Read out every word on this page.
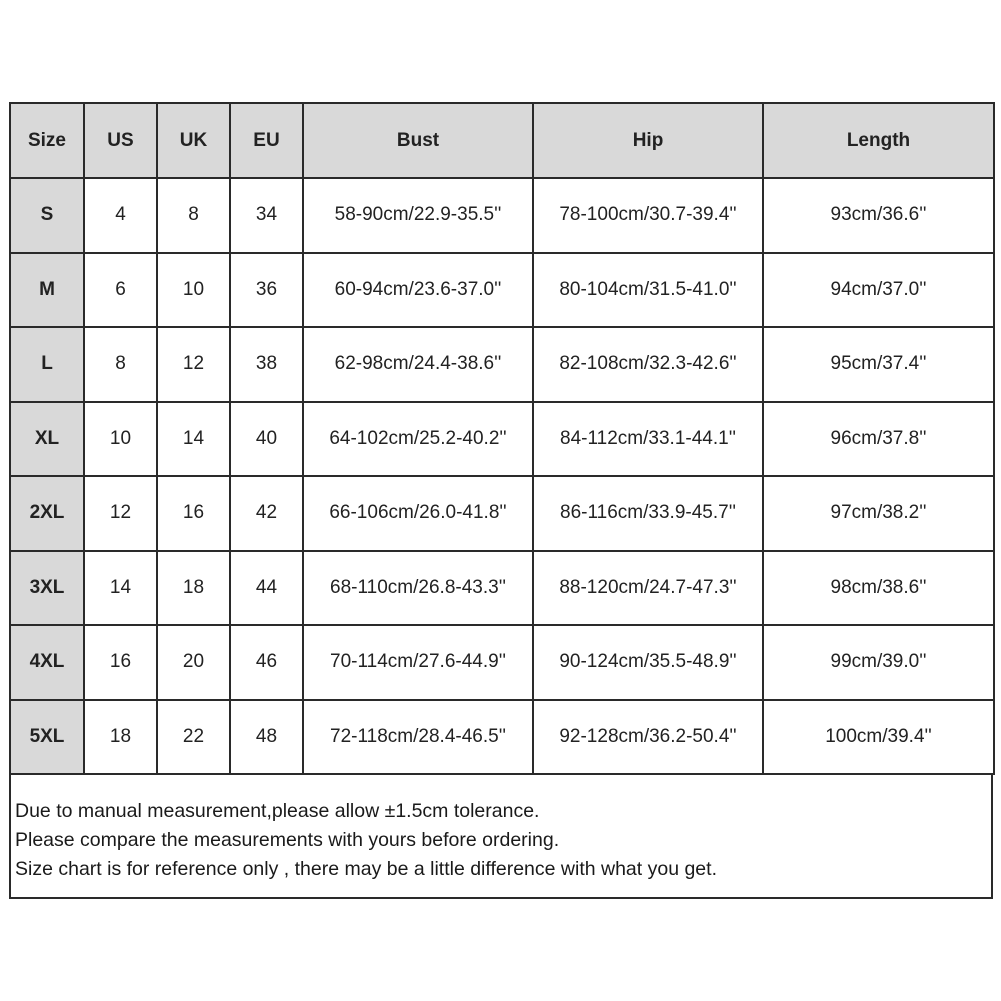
Size	US	UK	EU	Bust	Hip	Length
S	4	8	34	58-90cm/22.9-35.5''	78-100cm/30.7-39.4''	93cm/36.6''
M	6	10	36	60-94cm/23.6-37.0''	80-104cm/31.5-41.0''	94cm/37.0''
L	8	12	38	62-98cm/24.4-38.6''	82-108cm/32.3-42.6''	95cm/37.4''
XL	10	14	40	64-102cm/25.2-40.2''	84-112cm/33.1-44.1''	96cm/37.8''
2XL	12	16	42	66-106cm/26.0-41.8''	86-116cm/33.9-45.7''	97cm/38.2''
3XL	14	18	44	68-110cm/26.8-43.3''	88-120cm/24.7-47.3''	98cm/38.6''
4XL	16	20	46	70-114cm/27.6-44.9''	90-124cm/35.5-48.9''	99cm/39.0''
5XL	18	22	48	72-118cm/28.4-46.5''	92-128cm/36.2-50.4''	100cm/39.4''
Due to manual measurement,please allow ±1.5cm tolerance.
Please compare the measurements with yours before ordering.
Size chart is for reference only , there may be a little difference with what you get.
